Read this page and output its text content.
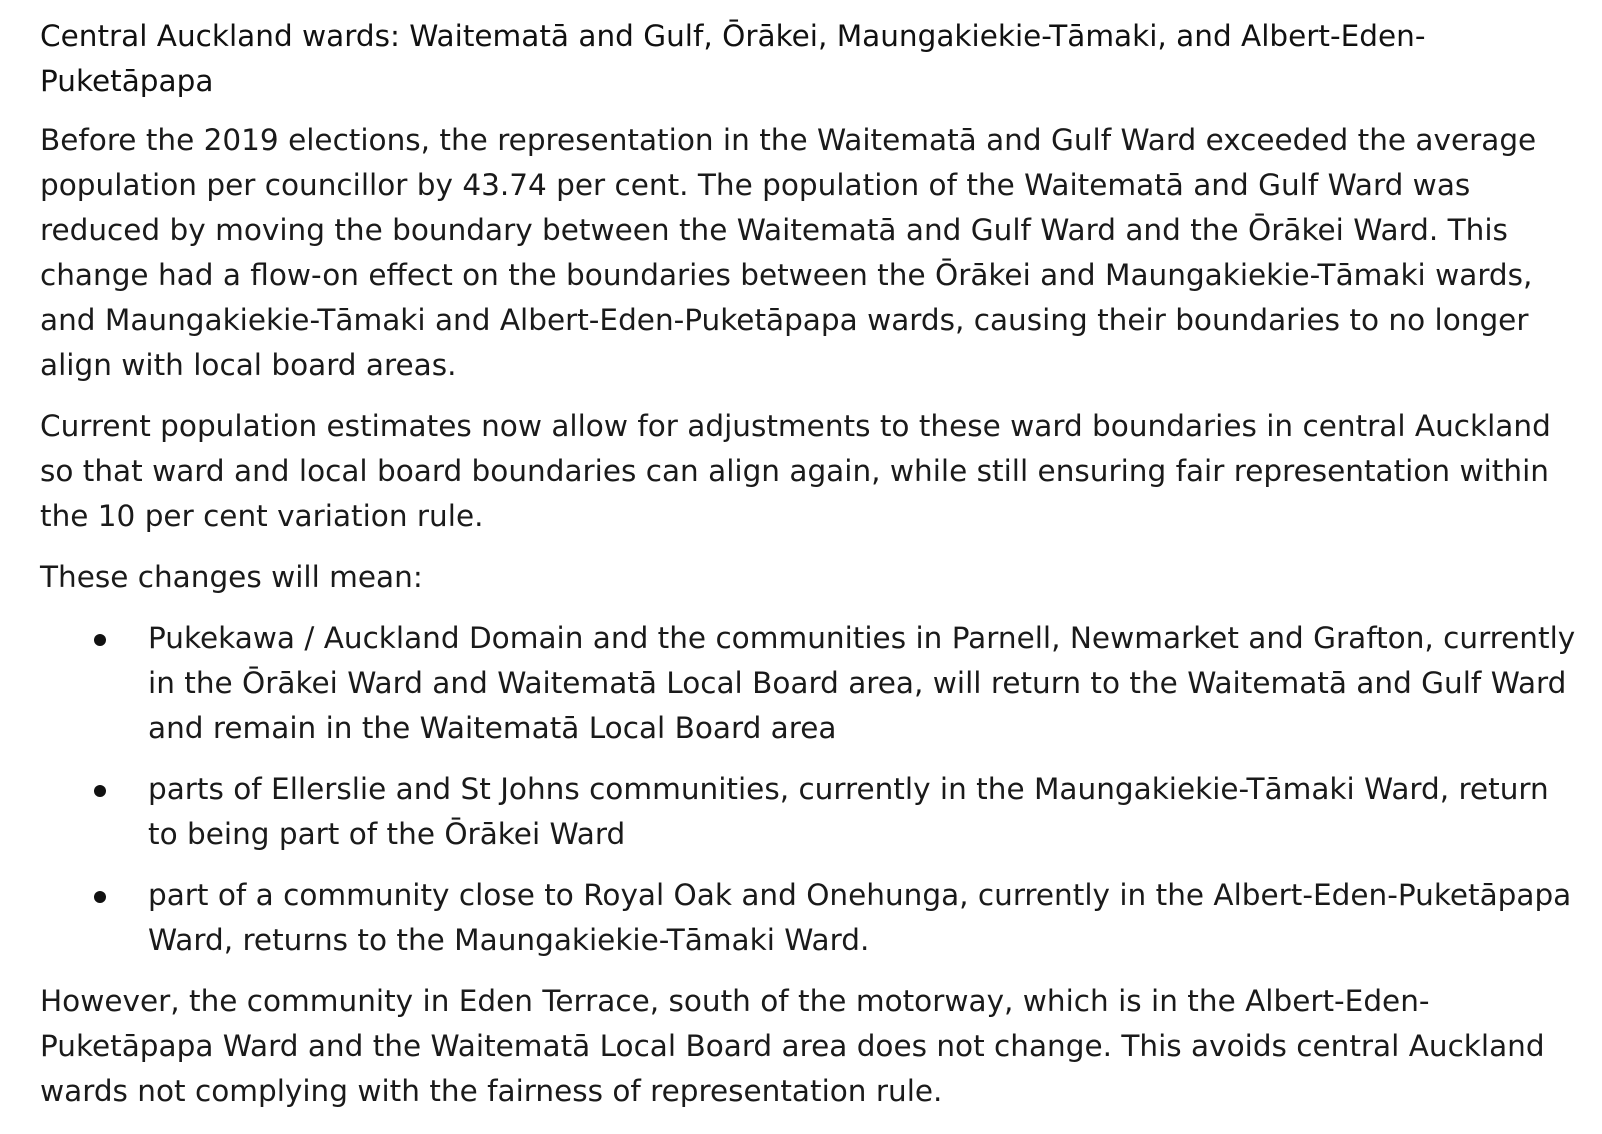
Central Auckland wards: Waitematā and Gulf, Ōrākei, Maungakiekie-Tāmaki, and Albert-Eden-Puketāpapa

Before the 2019 elections, the representation in the Waitematā and Gulf Ward exceeded the average population per councillor by 43.74 per cent. The population of the Waitematā and Gulf Ward was reduced by moving the boundary between the Waitematā and Gulf Ward and the Ōrākei Ward. This change had a flow-on effect on the boundaries between the Ōrākei and Maungakiekie-Tāmaki wards, and Maungakiekie-Tāmaki and Albert-Eden-Puketāpapa wards, causing their boundaries to no longer align with local board areas.

Current population estimates now allow for adjustments to these ward boundaries in central Auckland so that ward and local board boundaries can align again, while still ensuring fair representation within the 10 per cent variation rule.

These changes will mean:

Pukekawa / Auckland Domain and the communities in Parnell, Newmarket and Grafton, currently in the Ōrākei Ward and Waitematā Local Board area, will return to the Waitematā and Gulf Ward and remain in the Waitematā Local Board area
parts of Ellerslie and St Johns communities, currently in the Maungakiekie-Tāmaki Ward, return to being part of the Ōrākei Ward
part of a community close to Royal Oak and Onehunga, currently in the Albert-Eden-Puketāpapa Ward, returns to the Maungakiekie-Tāmaki Ward.

However, the community in Eden Terrace, south of the motorway, which is in the Albert-Eden-Puketāpapa Ward and the Waitematā Local Board area does not change. This avoids central Auckland wards not complying with the fairness of representation rule.
